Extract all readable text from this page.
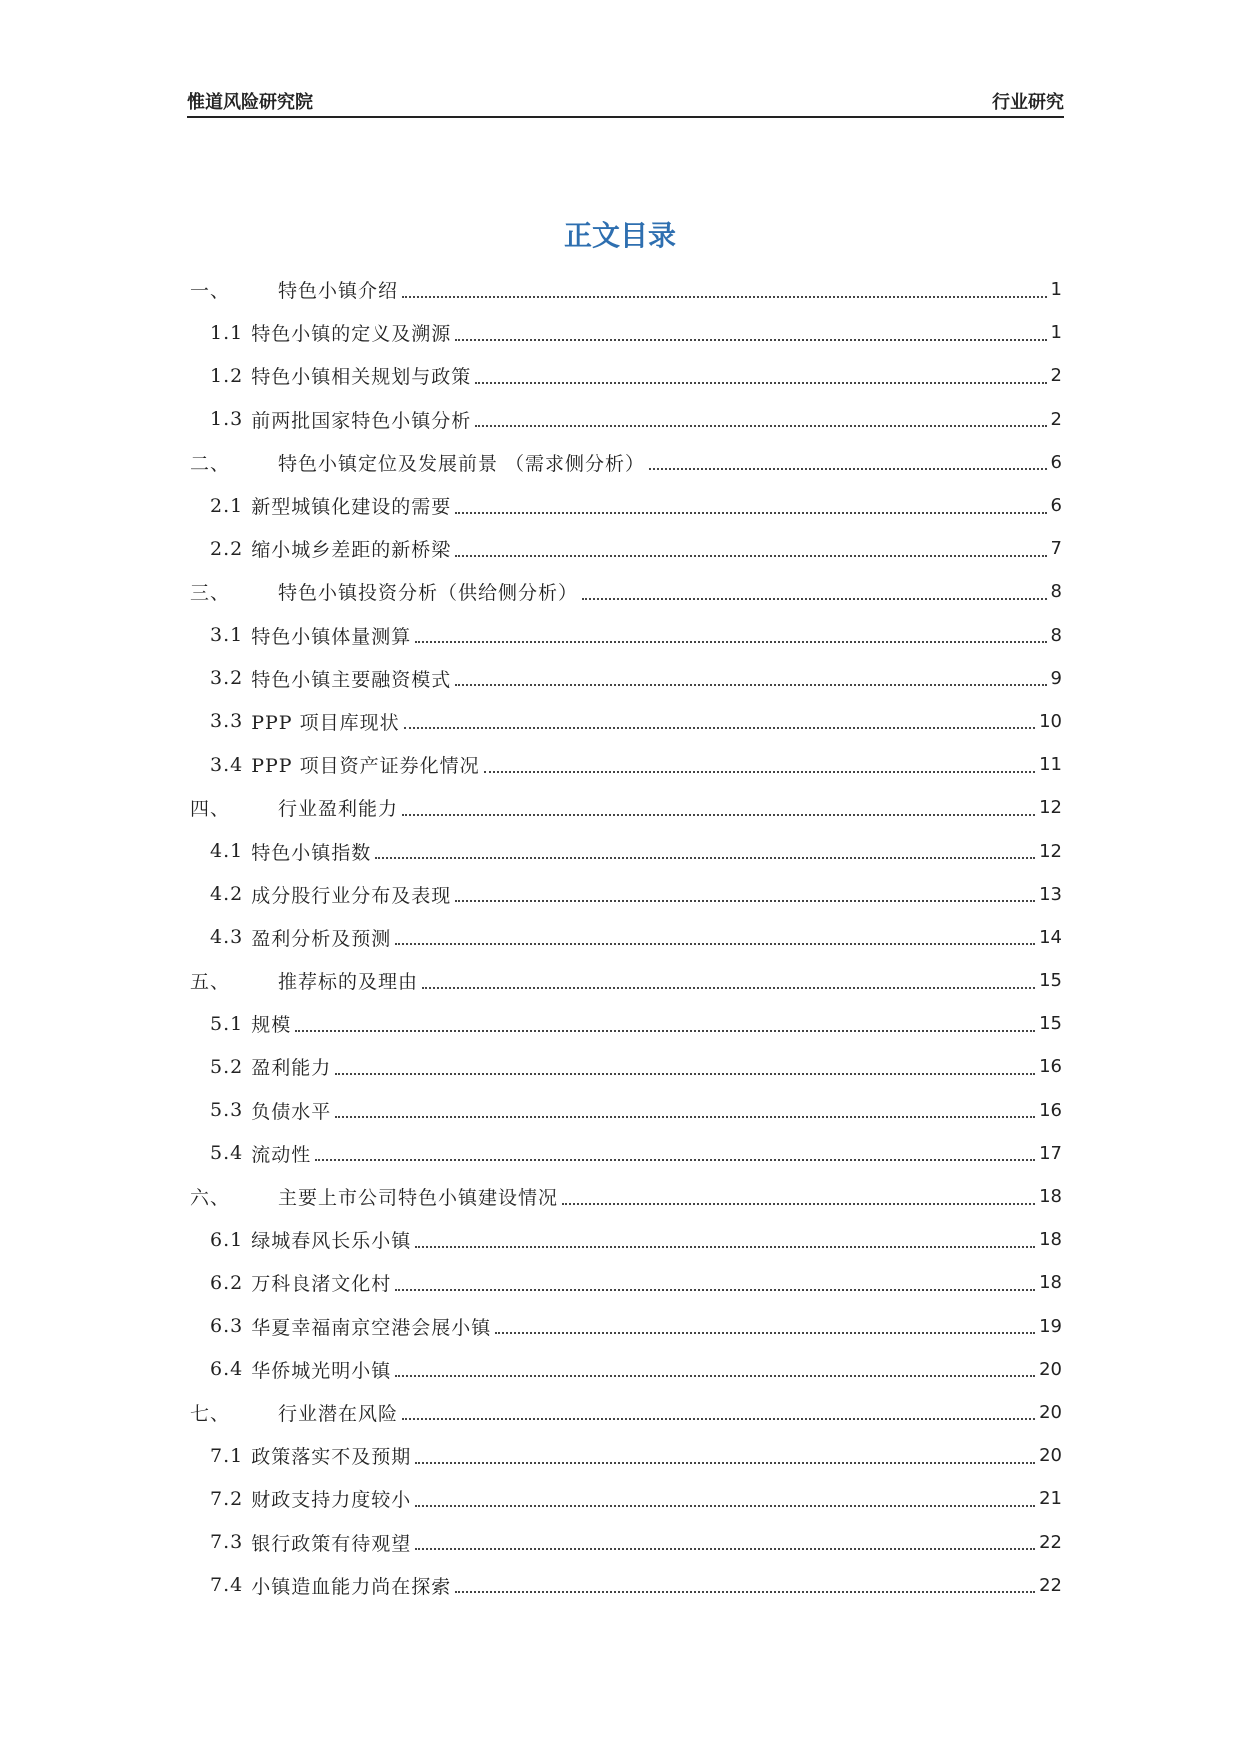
惟道风险研究院	行业研究
正文目录
一、	特色小镇介绍	1
1.1 特色小镇的定义及溯源	1
1.2 特色小镇相关规划与政策	2
1.3 前两批国家特色小镇分析	2
二、	特色小镇定位及发展前景 （需求侧分析）	6
2.1 新型城镇化建设的需要	6
2.2 缩小城乡差距的新桥梁	7
三、	特色小镇投资分析（供给侧分析）	8
3.1 特色小镇体量测算	8
3.2 特色小镇主要融资模式	9
3.3 PPP 项目库现状	10
3.4 PPP 项目资产证券化情况	11
四、	行业盈利能力	12
4.1 特色小镇指数	12
4.2 成分股行业分布及表现	13
4.3 盈利分析及预测	14
五、	推荐标的及理由	15
5.1 规模	15
5.2 盈利能力	16
5.3 负债水平	16
5.4 流动性	17
六、	主要上市公司特色小镇建设情况	18
6.1 绿城春风长乐小镇	18
6.2 万科良渚文化村	18
6.3 华夏幸福南京空港会展小镇	19
6.4 华侨城光明小镇	20
七、	行业潜在风险	20
7.1 政策落实不及预期	20
7.2 财政支持力度较小	21
7.3 银行政策有待观望	22
7.4 小镇造血能力尚在探索	22
